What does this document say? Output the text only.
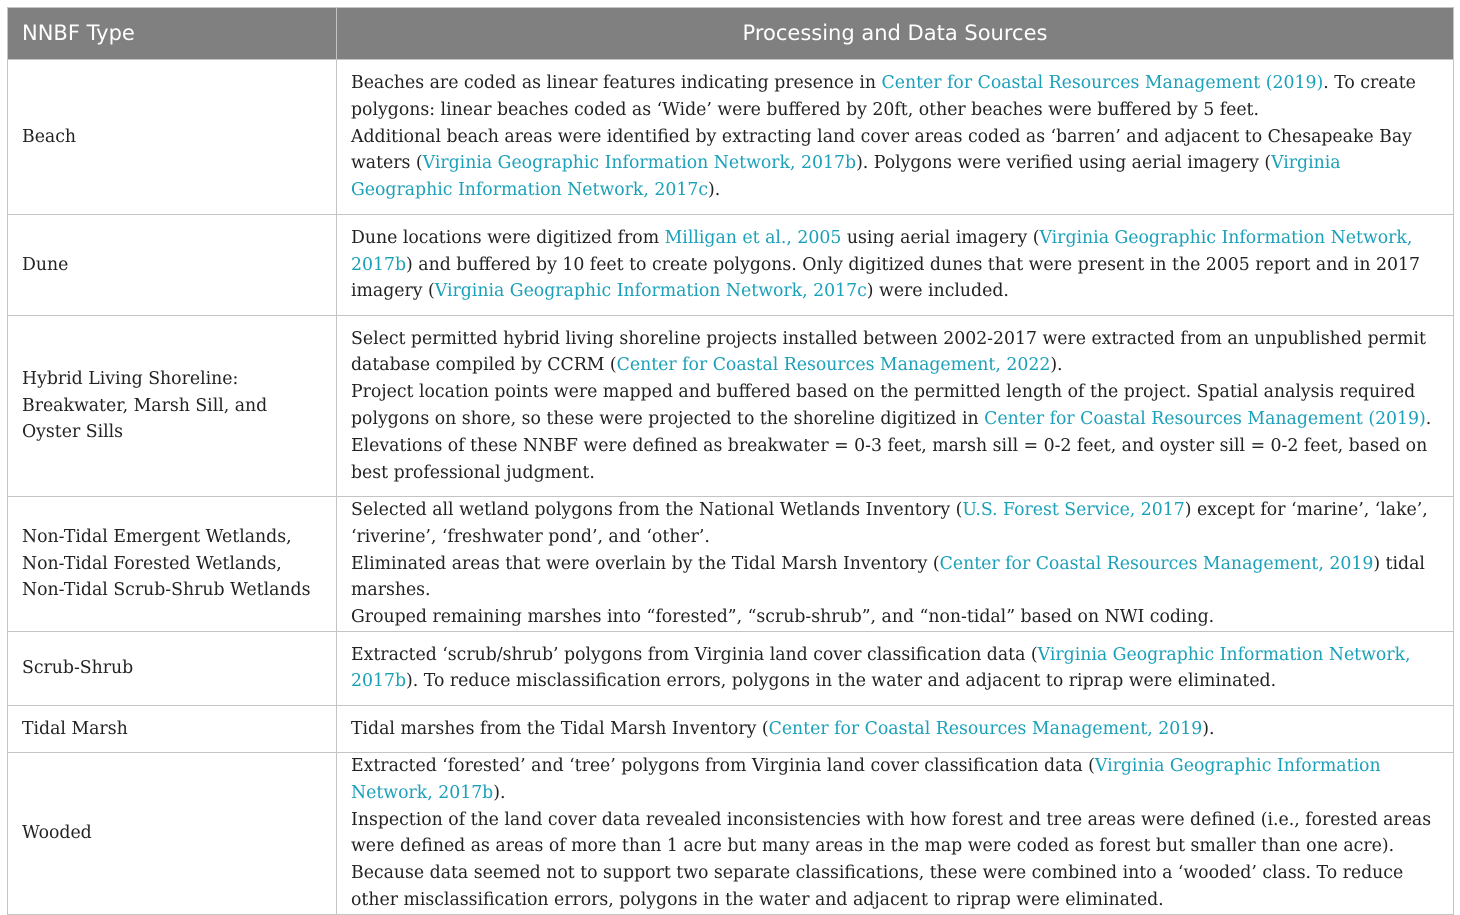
NNBF Type	Processing and Data Sources
Beach	Beaches are coded as linear features indicating presence in Center for Coastal Resources Management (2019). To create polygons: linear beaches coded as ‘Wide’ were buffered by 20ft, other beaches were buffered by 5 feet.
Additional beach areas were identified by extracting land cover areas coded as ‘barren’ and adjacent to Chesapeake Bay waters (Virginia Geographic Information Network, 2017b). Polygons were verified using aerial imagery (Virginia Geographic Information Network, 2017c).

Dune	Dune locations were digitized from Milligan et al., 2005 using aerial imagery (Virginia Geographic Information Network, 2017b) and buffered by 10 feet to create polygons. Only digitized dunes that were present in the 2005 report and in 2017 imagery (Virginia Geographic Information Network, 2017c) were included.

Hybrid Living Shoreline: Breakwater, Marsh Sill, and Oyster Sills	Select permitted hybrid living shoreline projects installed between 2002-2017 were extracted from an unpublished permit database compiled by CCRM (Center for Coastal Resources Management, 2022).
Project location points were mapped and buffered based on the permitted length of the project. Spatial analysis required polygons on shore, so these were projected to the shoreline digitized in Center for Coastal Resources Management (2019).
Elevations of these NNBF were defined as breakwater = 0-3 feet, marsh sill = 0-2 feet, and oyster sill = 0-2 feet, based on best professional judgment.

Non-Tidal Emergent Wetlands, Non-Tidal Forested Wetlands, Non-Tidal Scrub-Shrub Wetlands	Selected all wetland polygons from the National Wetlands Inventory (U.S. Forest Service, 2017) except for ‘marine’, ‘lake’, ‘riverine’, ‘freshwater pond’, and ‘other’.
Eliminated areas that were overlain by the Tidal Marsh Inventory (Center for Coastal Resources Management, 2019) tidal marshes.
Grouped remaining marshes into “forested”, “scrub-shrub”, and “non-tidal” based on NWI coding.

Scrub-Shrub	Extracted ‘scrub/shrub’ polygons from Virginia land cover classification data (Virginia Geographic Information Network, 2017b). To reduce misclassification errors, polygons in the water and adjacent to riprap were eliminated.

Tidal Marsh	Tidal marshes from the Tidal Marsh Inventory (Center for Coastal Resources Management, 2019).

Wooded	Extracted ‘forested’ and ‘tree’ polygons from Virginia land cover classification data (Virginia Geographic Information Network, 2017b).
Inspection of the land cover data revealed inconsistencies with how forest and tree areas were defined (i.e., forested areas were defined as areas of more than 1 acre but many areas in the map were coded as forest but smaller than one acre). Because data seemed not to support two separate classifications, these were combined into a ‘wooded’ class. To reduce other misclassification errors, polygons in the water and adjacent to riprap were eliminated.
